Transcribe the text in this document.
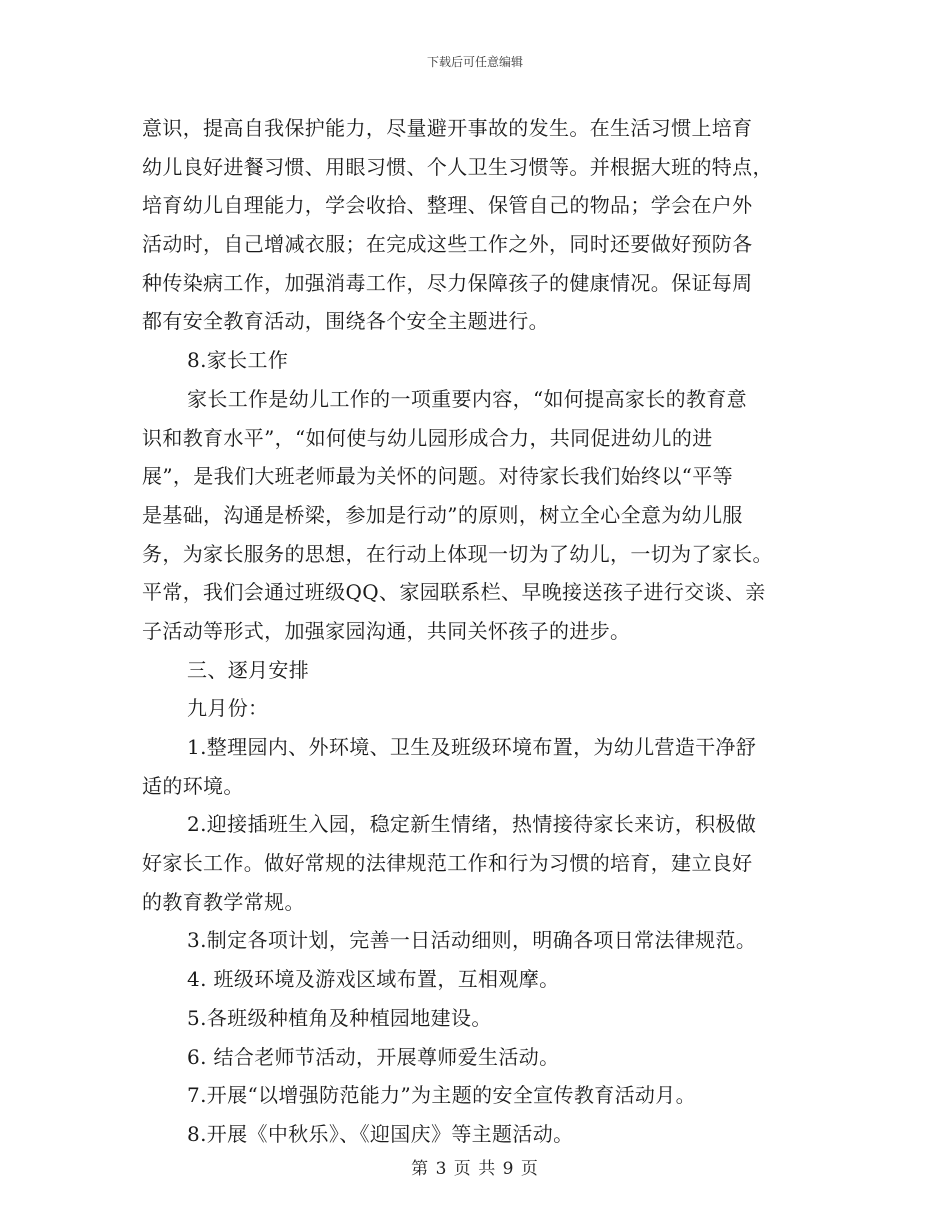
下载后可任意编辑
意识，提高自我保护能力，尽量避开事故的发生。在生活习惯上培育
幼儿良好进餐习惯、用眼习惯、个人卫生习惯等。并根据大班的特点，
培育幼儿自理能力，学会收拾、整理、保管自己的物品；学会在户外
活动时，自己增减衣服；在完成这些工作之外，同时还要做好预防各
种传染病工作，加强消毒工作，尽力保障孩子的健康情况。保证每周
都有安全教育活动，围绕各个安全主题进行。
8.家长工作
家长工作是幼儿工作的一项重要内容，“如何提高家长的教育意
识和教育水平”，“如何使与幼儿园形成合力，共同促进幼儿的进
展”，是我们大班老师最为关怀的问题。对待家长我们始终以“平等
是基础，沟通是桥梁，参加是行动”的原则，树立全心全意为幼儿服
务，为家长服务的思想，在行动上体现一切为了幼儿，一切为了家长。
平常，我们会通过班级QQ、家园联系栏、早晚接送孩子进行交谈、亲
子活动等形式，加强家园沟通，共同关怀孩子的进步。
三、逐月安排
九月份：
1.整理园内、外环境、卫生及班级环境布置，为幼儿营造干净舒
适的环境。
2.迎接插班生入园，稳定新生情绪，热情接待家长来访，积极做
好家长工作。做好常规的法律规范工作和行为习惯的培育，建立良好
的教育教学常规。
3.制定各项计划，完善一日活动细则，明确各项日常法律规范。
4. 班级环境及游戏区域布置，互相观摩。
5.各班级种植角及种植园地建设。
6. 结合老师节活动，开展尊师爱生活动。
7.开展“以增强防范能力”为主题的安全宣传教育活动月。
8.开展《中秋乐》、《迎国庆》等主题活动。
第 3 页 共 9 页
